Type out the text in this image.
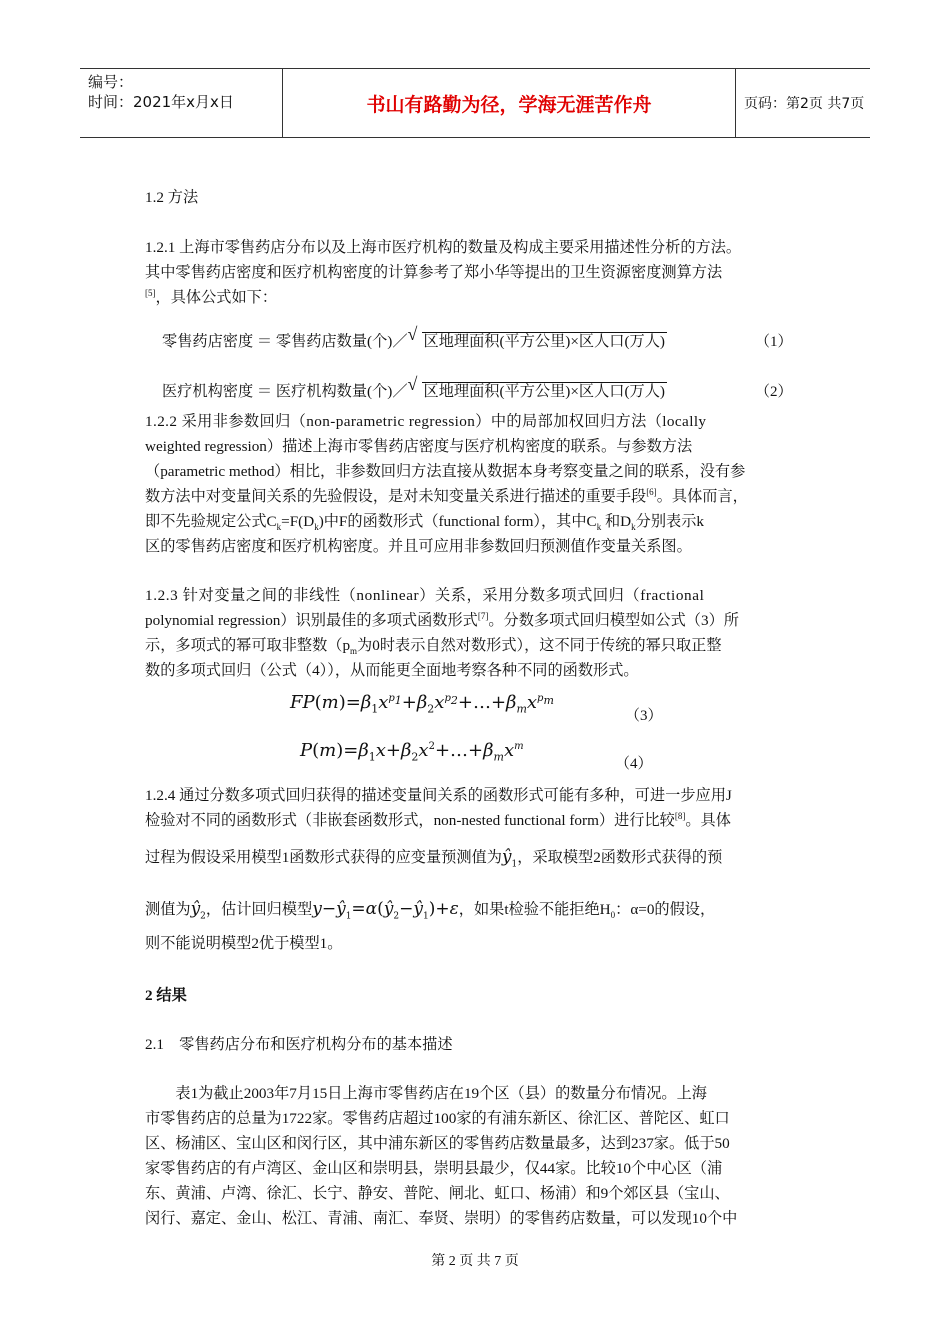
编号：
时间：2021年x月x日	书山有路勤为径，学海无涯苦作舟	页码：第2页 共7页
1.2 方法
1.2.1 上海市零售药店分布以及上海市医疗机构的数量及构成主要采用描述性分析的方法。
其中零售药店密度和医疗机构密度的计算参考了郑小华等提出的卫生资源密度测算方法
[5]，具体公式如下：
零售药店密度 ＝ 零售药店数量(个)／ √ 区地理面积(平方公里)×区人口(万人)	（1）
医疗机构密度 ＝ 医疗机构数量(个)／ √ 区地理面积(平方公里)×区人口(万人)	（2）
1.2.2 采用非参数回归（non-parametric regression）中的局部加权回归方法（locally
weighted regression）描述上海市零售药店密度与医疗机构密度的联系。与参数方法
（parametric method）相比，非参数回归方法直接从数据本身考察变量之间的联系，没有参
数方法中对变量间关系的先验假设，是对未知变量关系进行描述的重要手段[6]。具体而言，
即不先验规定公式$C_k=F(D_k)$中F的函数形式（functional form），其中$C_k$ 和$D_k$分别表示k
区的零售药店密度和医疗机构密度。并且可应用非参数回归预测值作变量关系图。
1.2.3 针对变量之间的非线性（nonlinear）关系，采用分数多项式回归（fractional
polynomial regression）识别最佳的多项式函数形式[7]。分数多项式回归模型如公式（3）所
示，多项式的幂可取非整数（$p_m$为0时表示自然对数形式），这不同于传统的幂只取正整
数的多项式回归（公式（4）），从而能更全面地考察各种不同的函数形式。
$FP(m)=\beta_1x^{p_1}+\beta_2x^{p_2}+\dots+\beta_mx^{p_m}$
（3）
$P(m)=\beta_1x+\beta_2x^2+\dots+\beta_mx^m$
（4）
1.2.4 通过分数多项式回归获得的描述变量间关系的函数形式可能有多种，可进一步应用J
检验对不同的函数形式（非嵌套函数形式，non-nested functional form）进行比较[8]。具体
过程为假设采用模型1函数形式获得的应变量预测值为$ŷ_1$，采取模型2函数形式获得的预
测值为$ŷ_2$，估计回归模型$y-ŷ_1=\alpha(ŷ_2-ŷ_1)+\varepsilon$，如果t检验不能拒绝$H_0$：α=0的假设，
则不能说明模型2优于模型1。
2 结果
2.1　零售药店分布和医疗机构分布的基本描述
　　表1为截止2003年7月15日上海市零售药店在19个区（县）的数量分布情况。上海
市零售药店的总量为1722家。零售药店超过100家的有浦东新区、徐汇区、普陀区、虹口
区、杨浦区、宝山区和闵行区，其中浦东新区的零售药店数量最多，达到237家。低于50
家零售药店的有卢湾区、金山区和崇明县，崇明县最少，仅44家。比较10个中心区（浦
东、黄浦、卢湾、徐汇、长宁、静安、普陀、闸北、虹口、杨浦）和9个郊区县（宝山、
闵行、嘉定、金山、松江、青浦、南汇、奉贤、崇明）的零售药店数量，可以发现10个中
第 2 页 共 7 页
